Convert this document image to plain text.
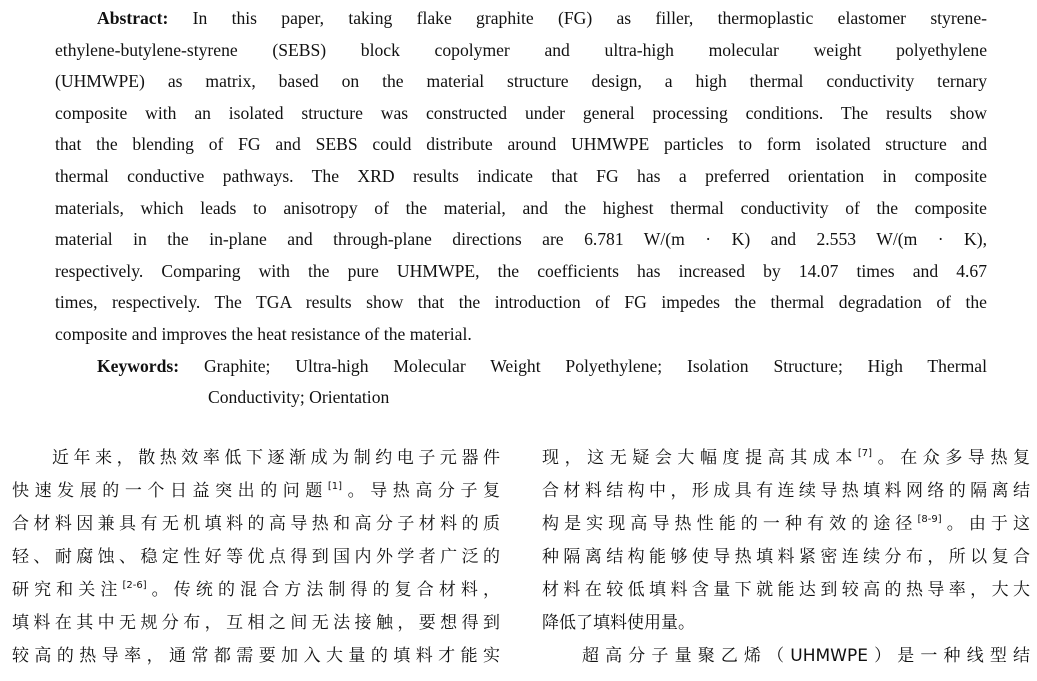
Abstract: In this paper, taking flake graphite (FG) as filler, thermoplastic elastomer styrene-
ethylene-butylene-styrene (SEBS) block copolymer and ultra-high molecular weight polyethylene
(UHMWPE) as matrix, based on the material structure design, a high thermal conductivity ternary
composite with an isolated structure was constructed under general processing conditions. The results show
that the blending of FG and SEBS could distribute around UHMWPE particles to form isolated structure and
thermal conductive pathways. The XRD results indicate that FG has a preferred orientation in composite
materials, which leads to anisotropy of the material, and the highest thermal conductivity of the composite
material in the in-plane and through-plane directions are 6.781 W/(m · K) and 2.553 W/(m · K),
respectively. Comparing with the pure UHMWPE, the coefficients has increased by 14.07 times and 4.67
times, respectively. The TGA results show that the introduction of FG impedes the thermal degradation of the
composite and improves the heat resistance of the material.
Keywords: Graphite; Ultra-high Molecular Weight Polyethylene; Isolation Structure; High Thermal
Conductivity; Orientation
近年来，散热效率低下逐渐成为制约电子元器件
快速发展的一个日益突出的问题[1]。导热高分子复
合材料因兼具有无机填料的高导热和高分子材料的质
轻、耐腐蚀、稳定性好等优点得到国内外学者广泛的
研究和关注[2-6]。传统的混合方法制得的复合材料，
填料在其中无规分布，互相之间无法接触，要想得到
较高的热导率，通常都需要加入大量的填料才能实
现，这无疑会大幅度提高其成本[7]。在众多导热复
合材料结构中，形成具有连续导热填料网络的隔离结
构是实现高导热性能的一种有效的途径[8-9]。由于这
种隔离结构能够使导热填料紧密连续分布，所以复合
材料在较低填料含量下就能达到较高的热导率，大大
降低了填料使用量。
超高分子量聚乙烯（UHMWPE）是一种线型结
